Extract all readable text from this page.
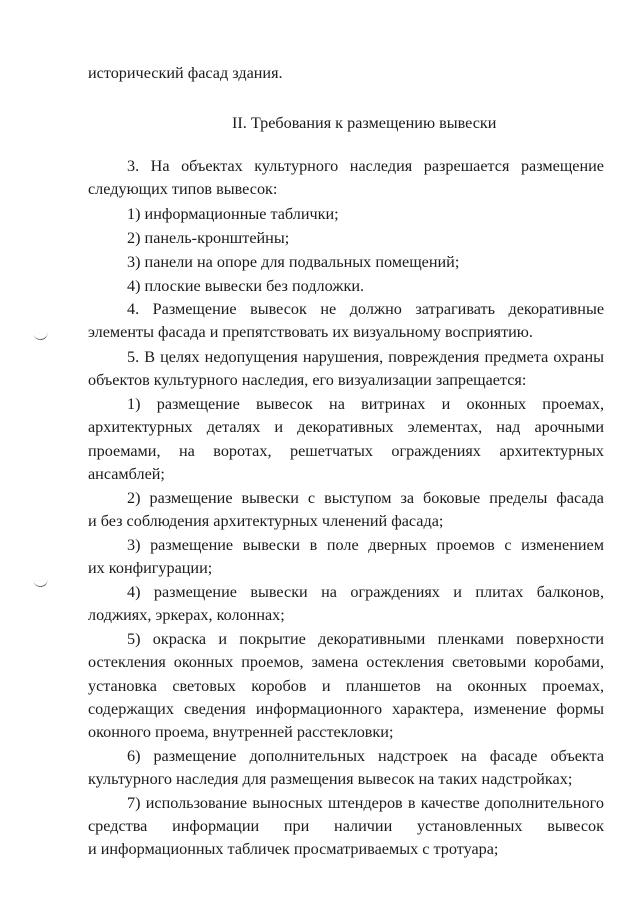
исторический фасад здания.
II. Требования к размещению вывески
3. На объектах культурного наследия разрешается размещение
следующих типов вывесок:
1) информационные таблички;
2) панель-кронштейны;
3) панели на опоре для подвальных помещений;
4) плоские вывески без подложки.
4. Размещение вывесок не должно затрагивать декоративные
элементы фасада и препятствовать их визуальному восприятию.
5. В целях недопущения нарушения, повреждения предмета охраны
объектов культурного наследия, его визуализации запрещается:
1) размещение вывесок на витринах и оконных проемах,
архитектурных деталях и декоративных элементах, над арочными
проемами, на воротах, решетчатых ограждениях архитектурных
ансамблей;
2) размещение вывески с выступом за боковые пределы фасада
и без соблюдения архитектурных членений фасада;
3) размещение вывески в поле дверных проемов с изменением
их конфигурации;
4) размещение вывески на ограждениях и плитах балконов,
лоджиях, эркерах, колоннах;
5) окраска и покрытие декоративными пленками поверхности
остекления оконных проемов, замена остекления световыми коробами,
установка световых коробов и планшетов на оконных проемах,
содержащих сведения информационного характера, изменение формы
оконного проема, внутренней расстекловки;
6) размещение дополнительных надстроек на фасаде объекта
культурного наследия для размещения вывесок на таких надстройках;
7) использование выносных штендеров в качестве дополнительного
средства информации при наличии установленных вывесок
и информационных табличек просматриваемых с тротуара;
